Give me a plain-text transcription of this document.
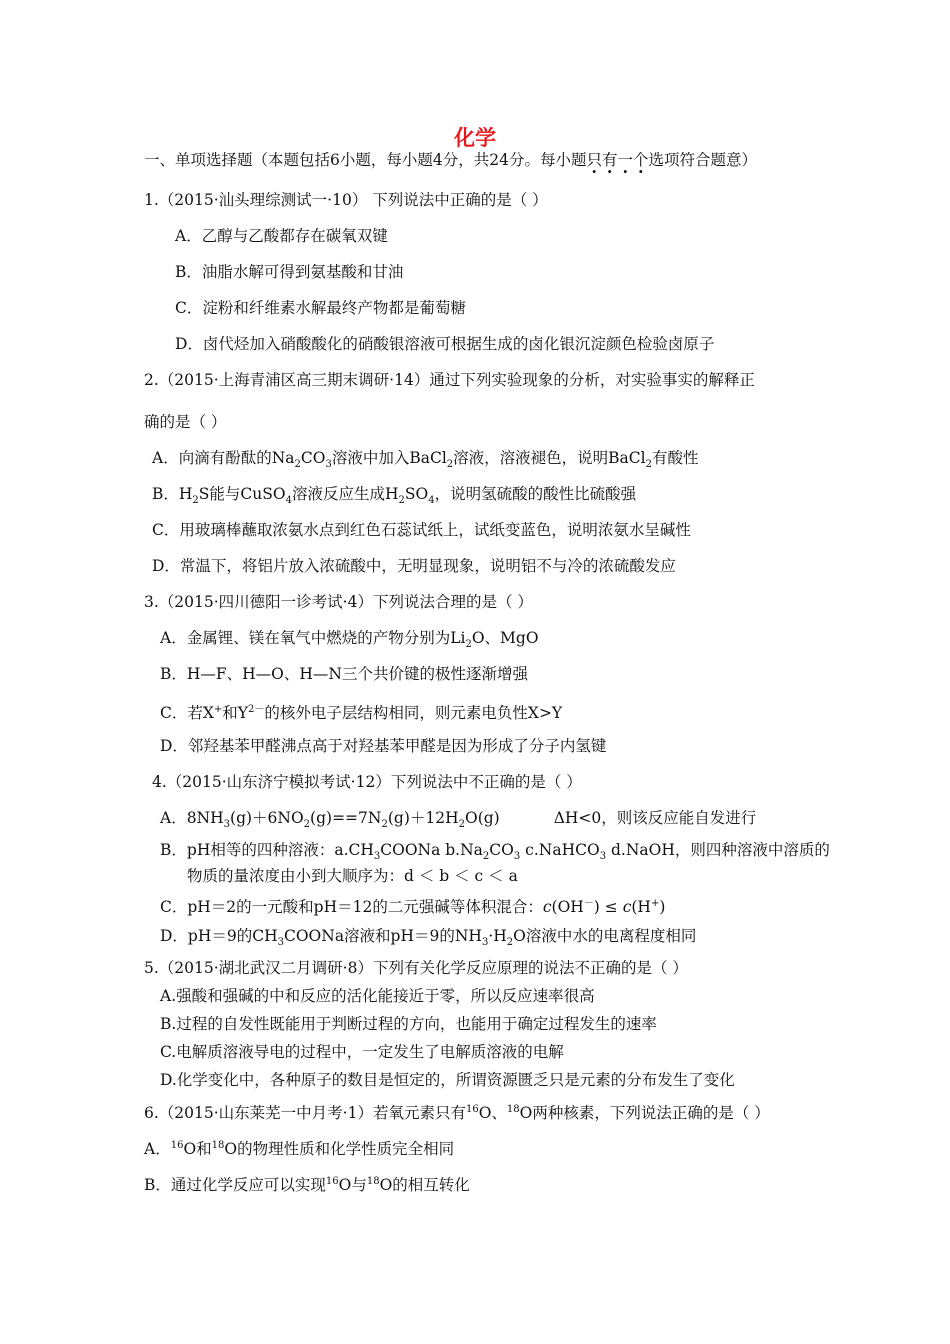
化学
一、单项选择题（本题包括6小题，每小题4分，共24分。每小题只有一个选项符合题意）
1.（2015·汕头理综测试一·10） 下列说法中正确的是（ ）
A．乙醇与乙酸都存在碳氧双键
B．油脂水解可得到氨基酸和甘油
C．淀粉和纤维素水解最终产物都是葡萄糖
D．卤代烃加入硝酸酸化的硝酸银溶液可根据生成的卤化银沉淀颜色检验卤原子
2.（2015·上海青浦区高三期末调研·14）通过下列实验现象的分析，对实验事实的解释正
确的是（ ）
A．向滴有酚酞的$Na_2CO_3$溶液中加入BaCl$_2$溶液，溶液褪色，说明BaCl$_2$有酸性
B．$H_2S$能与CuSO$_4$溶液反应生成$H_2SO_4$，说明氢硫酸的酸性比硫酸强
C．用玻璃棒蘸取浓氨水点到红色石蕊试纸上，试纸变蓝色，说明浓氨水呈碱性
D．常温下，将铝片放入浓硫酸中，无明显现象，说明铝不与冷的浓硫酸发应
3.（2015·四川德阳一诊考试·4）下列说法合理的是（ ）
A．金属锂、镁在氧气中燃烧的产物分别为$Li_2O$、MgO
B．H—F、H—O、H—N三个共价键的极性逐渐增强
C．若X+和$Y^{2-}$的核外电子层结构相同，则元素电负性X>Y
D．邻羟基苯甲醛沸点高于对羟基苯甲醛是因为形成了分子内氢键
4.（2015·山东济宁模拟考试·12）下列说法中不正确的是（ ）
A．$8NH_3(g)+6NO_2(g)==7N_2(g)+12H_2O(g)$	ΔH<0，则该反应能自发进行
B．pH相等的四种溶液：$a.CH_3COONa$ $b.Na_2CO_3$ c.NaHCO$_3$ d.NaOH，则四种溶液中溶质的
物质的量浓度由小到大顺序为：d ＜ b ＜ c ＜ a
C．pH＝2的一元酸和pH＝12的二元强碱等体积混合：c(OH－) ≤ c(H+)
D．pH＝9的$CH_3COONa$溶液和pH＝9的$NH_3\cdot H_2O$溶液中水的电离程度相同
5.（2015·湖北武汉二月调研·8）下列有关化学反应原理的说法不正确的是（ ）
A.强酸和强碱的中和反应的活化能接近于零，所以反应速率很高
B.过程的自发性既能用于判断过程的方向，也能用于确定过程发生的速率
C.电解质溶液导电的过程中，一定发生了电解质溶液的电解
D.化学变化中，各种原子的数目是恒定的，所谓资源匮乏只是元素的分布发生了变化
6.（2015·山东莱芜一中月考·1）若氧元素只有$^{16}$O、$^{18}$O两种核素，下列说法正确的是（ ）
A．$^{16}$O和$^{18}$O的物理性质和化学性质完全相同
B．通过化学反应可以实现$^{16}$O与$^{18}$O的相互转化
